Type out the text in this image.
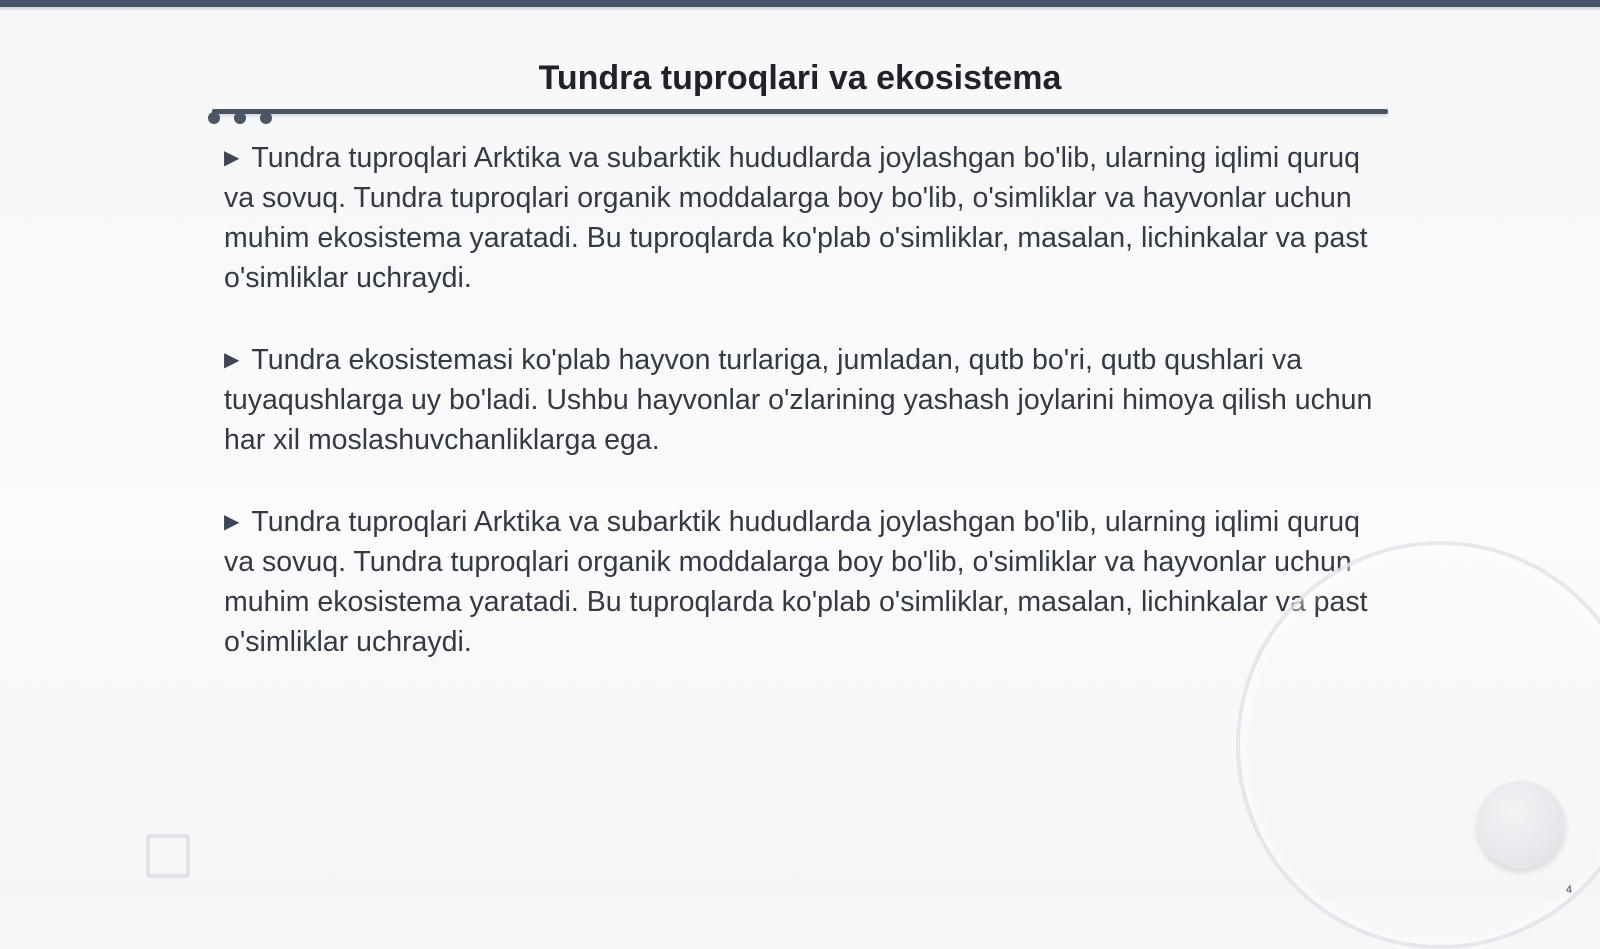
Tundra tuproqlari va ekosistema

▶ Tundra tuproqlari Arktika va subarktik hududlarda joylashgan bo'lib, ularning iqlimi quruq va sovuq. Tundra tuproqlari organik moddalarga boy bo'lib, o'simliklar va hayvonlar uchun muhim ekosistema yaratadi. Bu tuproqlarda ko'plab o'simliklar, masalan, lichinkalar va past o'simliklar uchraydi.

▶ Tundra ekosistemasi ko'plab hayvon turlariga, jumladan, qutb bo'ri, qutb qushlari va tuyaqushlarga uy bo'ladi. Ushbu hayvonlar o'zlarining yashash joylarini himoya qilish uchun har xil moslashuvchanliklarga ega.

▶ Tundra tuproqlari Arktika va subarktik hududlarda joylashgan bo'lib, ularning iqlimi quruq va sovuq. Tundra tuproqlari organik moddalarga boy bo'lib, o'simliklar va hayvonlar uchun muhim ekosistema yaratadi. Bu tuproqlarda ko'plab o'simliklar, masalan, lichinkalar va past o'simliklar uchraydi.

4
